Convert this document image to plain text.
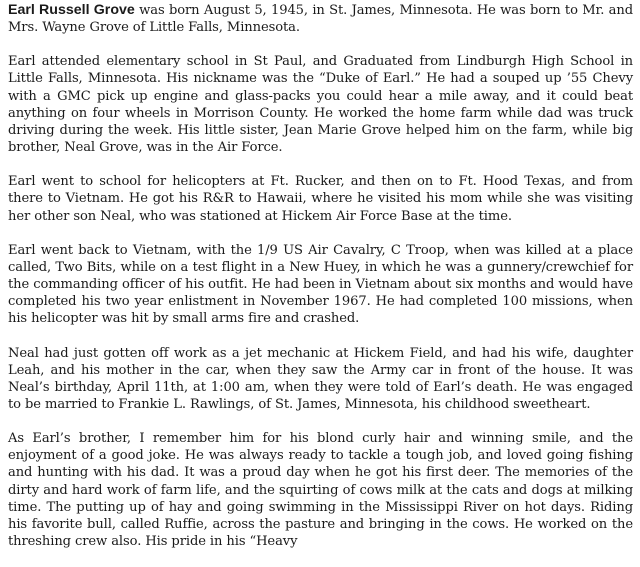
Earl Russell Grove was born August 5, 1945, in St. James, Minnesota. He was born to Mr. and Mrs. Wayne Grove of Little Falls, Minnesota.

Earl attended elementary school in St Paul, and Graduated from Lindburgh High School in Little Falls, Minnesota. His nickname was the “Duke of Earl.” He had a souped up ’55 Chevy with a GMC pick up engine and glass-packs you could hear a mile away, and it could beat anything on four wheels in Morrison County. He worked the home farm while dad was truck driving during the week. His little sister, Jean Marie Grove helped him on the farm, while big brother, Neal Grove, was in the Air Force.

Earl went to school for helicopters at Ft. Rucker, and then on to Ft. Hood Texas, and from there to Vietnam. He got his R&R to Hawaii, where he visited his mom while she was visiting her other son Neal, who was stationed at Hickem Air Force Base at the time.

Earl went back to Vietnam, with the 1/9 US Air Cavalry, C Troop, when was killed at a place called, Two Bits, while on a test flight in a New Huey, in which he was a gunnery/crewchief for the commanding officer of his outfit. He had been in Vietnam about six months and would have completed his two year enlistment in November 1967. He had completed 100 missions, when his helicopter was hit by small arms fire and crashed.

Neal had just gotten off work as a jet mechanic at Hickem Field, and had his wife, daughter Leah, and his mother in the car, when they saw the Army car in front of the house. It was Neal’s birthday, April 11th, at 1:00 am, when they were told of Earl’s death. He was engaged to be married to Frankie L. Rawlings, of St. James, Minnesota, his childhood sweetheart.

As Earl’s brother, I remember him for his blond curly hair and winning smile, and the enjoyment of a good joke. He was always ready to tackle a tough job, and loved going fishing and hunting with his dad. It was a proud day when he got his first deer. The memories of the dirty and hard work of farm life, and the squirting of cows milk at the cats and dogs at milking time. The putting up of hay and going swimming in the Mississippi River on hot days. Riding his favorite bull, called Ruffie, across the pasture and bringing in the cows. He worked on the threshing crew also. His pride in his “Heavy
